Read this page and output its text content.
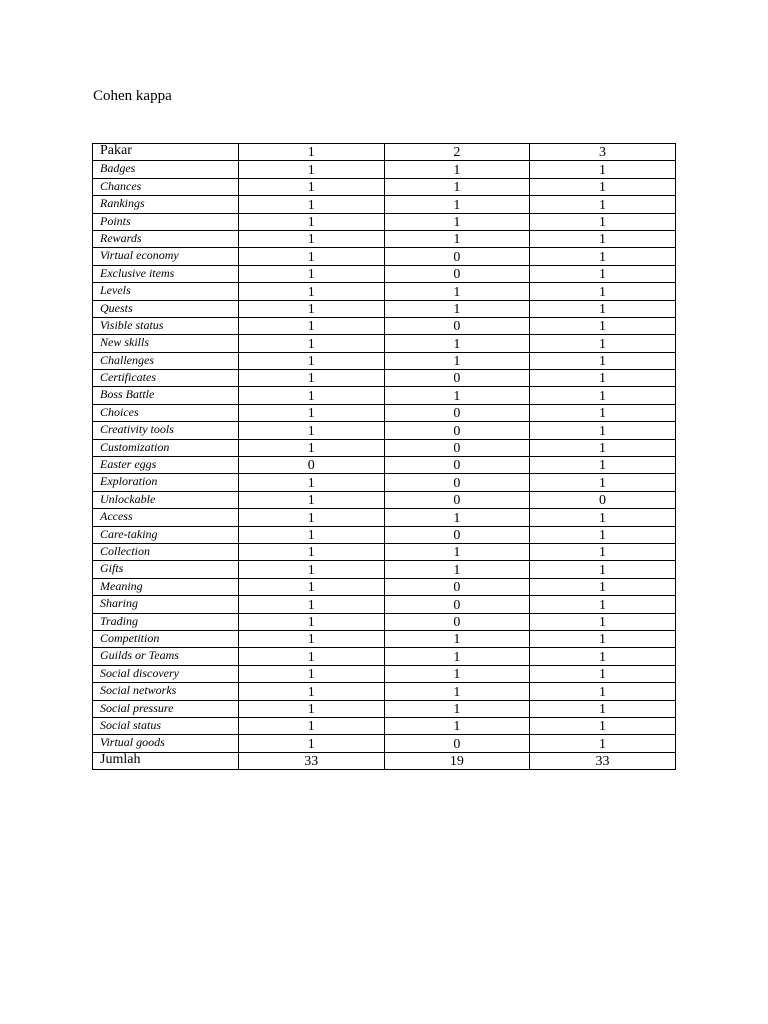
Cohen kappa
Pakar	1	2	3
Badges	1	1	1
Chances	1	1	1
Rankings	1	1	1
Points	1	1	1
Rewards	1	1	1
Virtual economy	1	0	1
Exclusive items	1	0	1
Levels	1	1	1
Quests	1	1	1
Visible status	1	0	1
New skills	1	1	1
Challenges	1	1	1
Certificates	1	0	1
Boss Battle	1	1	1
Choices	1	0	1
Creativity tools	1	0	1
Customization	1	0	1
Easter eggs	0	0	1
Exploration	1	0	1
Unlockable	1	0	0
Access	1	1	1
Care-taking	1	0	1
Collection	1	1	1
Gifts	1	1	1
Meaning	1	0	1
Sharing	1	0	1
Trading	1	0	1
Competition	1	1	1
Guilds or Teams	1	1	1
Social discovery	1	1	1
Social networks	1	1	1
Social pressure	1	1	1
Social status	1	1	1
Virtual goods	1	0	1
Jumlah	33	19	33
